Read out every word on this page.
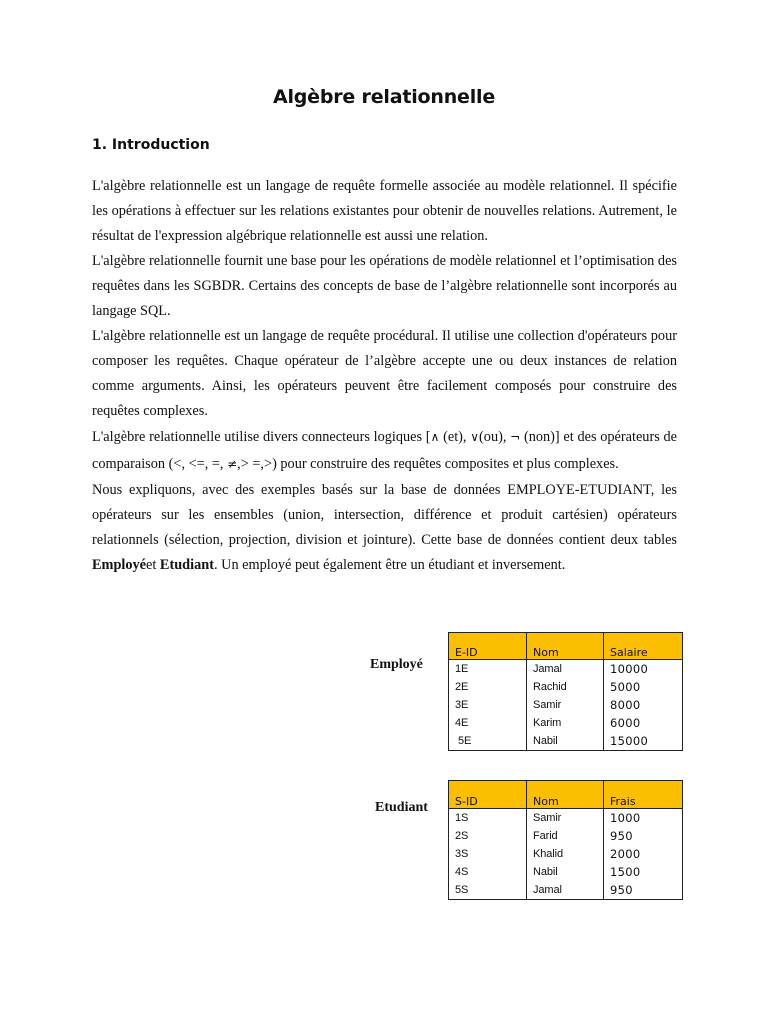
Algèbre relationnelle
1. Introduction

L'algèbre relationnelle est un langage de requête formelle associée au modèle relationnel. Il spécifie les opérations à effectuer sur les relations existantes pour obtenir de nouvelles relations. Autrement, le résultat de l'expression algébrique relationnelle est aussi une relation.

L'algèbre relationnelle fournit une base pour les opérations de modèle relationnel et l’optimisation des requêtes dans les SGBDR. Certains des concepts de base de l’algèbre relationnelle sont incorporés au langage SQL.

L'algèbre relationnelle est un langage de requête procédural. Il utilise une collection d'opérateurs pour composer les requêtes. Chaque opérateur de l’algèbre accepte une ou deux instances de relation comme arguments. Ainsi, les opérateurs peuvent être facilement composés pour construire des requêtes complexes.

L'algèbre relationnelle utilise divers connecteurs logiques [∧ (et), ∨(ou), ¬ (non)] et des opérateurs de comparaison (<, <=, =, ≠,> =,>) pour construire des requêtes composites et plus complexes.

Nous expliquons, avec des exemples basés sur la base de données EMPLOYE-ETUDIANT, les opérateurs sur les ensembles (union, intersection, différence et produit cartésien) opérateurs relationnels (sélection, projection, division et jointure). Cette base de données contient deux tables Employéet Etudiant. Un employé peut également être un étudiant et inversement.

Employé
E-ID	Nom	Salaire
1E	Jamal	10000
2E	Rachid	5000
3E	Samir	8000
4E	Karim	6000
5E	Nabil	15000
Etudiant S-ID	Nom	Frais
1S	Samir	1000
2S	Farid	950
3S	Khalid	2000
4S	Nabil	1500
5S	Jamal	950
